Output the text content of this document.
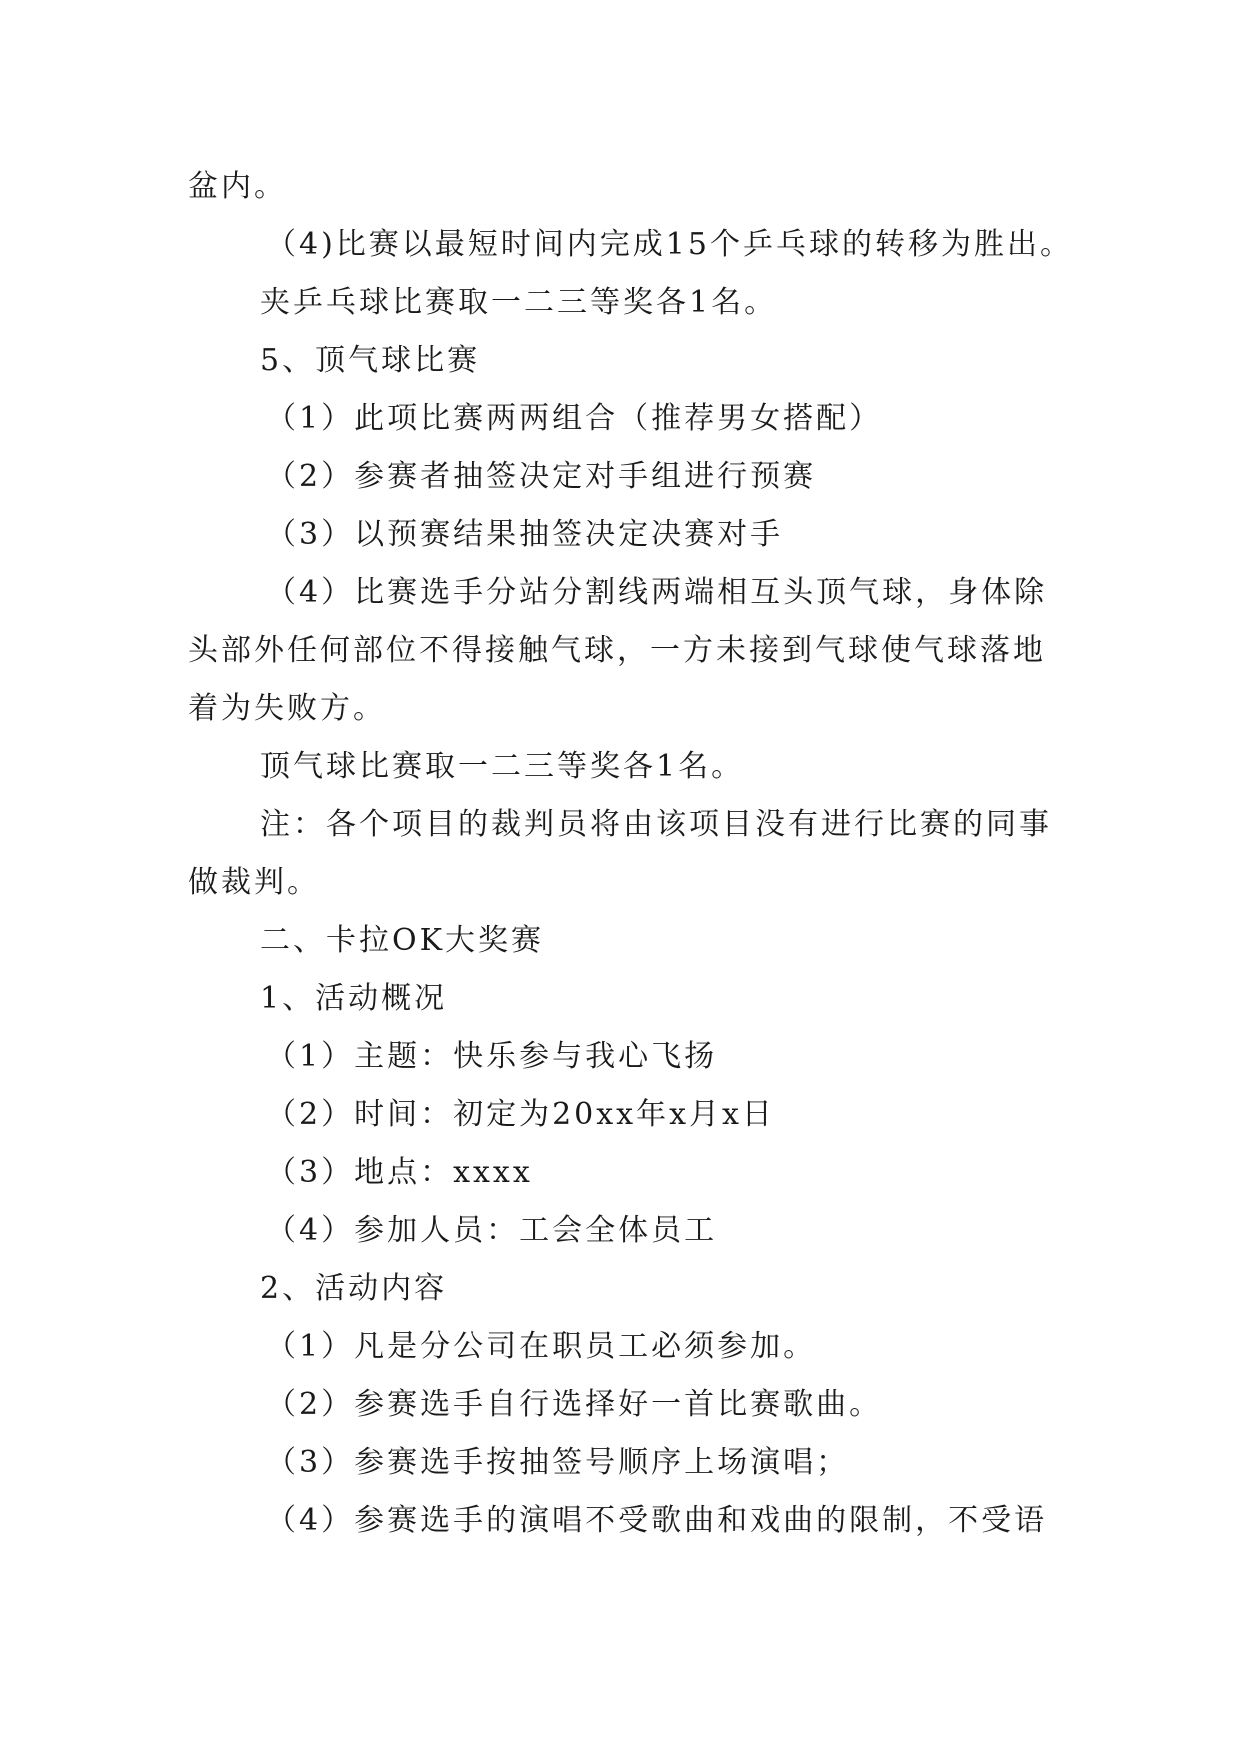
盆内。
（4)比赛以最短时间内完成15个乒乓球的转移为胜出。
夹乒乓球比赛取一二三等奖各1名。
5、顶气球比赛
（1）此项比赛两两组合（推荐男女搭配）
（2）参赛者抽签决定对手组进行预赛
（3）以预赛结果抽签决定决赛对手
（4）比赛选手分站分割线两端相互头顶气球，身体除
头部外任何部位不得接触气球，一方未接到气球使气球落地
着为失败方。
顶气球比赛取一二三等奖各1名。
注：各个项目的裁判员将由该项目没有进行比赛的同事
做裁判。
二、卡拉OK大奖赛
1、活动概况
（1）主题：快乐参与我心飞扬
（2）时间：初定为20xx年x月x日
（3）地点：xxxx
（4）参加人员：工会全体员工
2、活动内容
（1）凡是分公司在职员工必须参加。
（2）参赛选手自行选择好一首比赛歌曲。
（3）参赛选手按抽签号顺序上场演唱；
（4）参赛选手的演唱不受歌曲和戏曲的限制，不受语
